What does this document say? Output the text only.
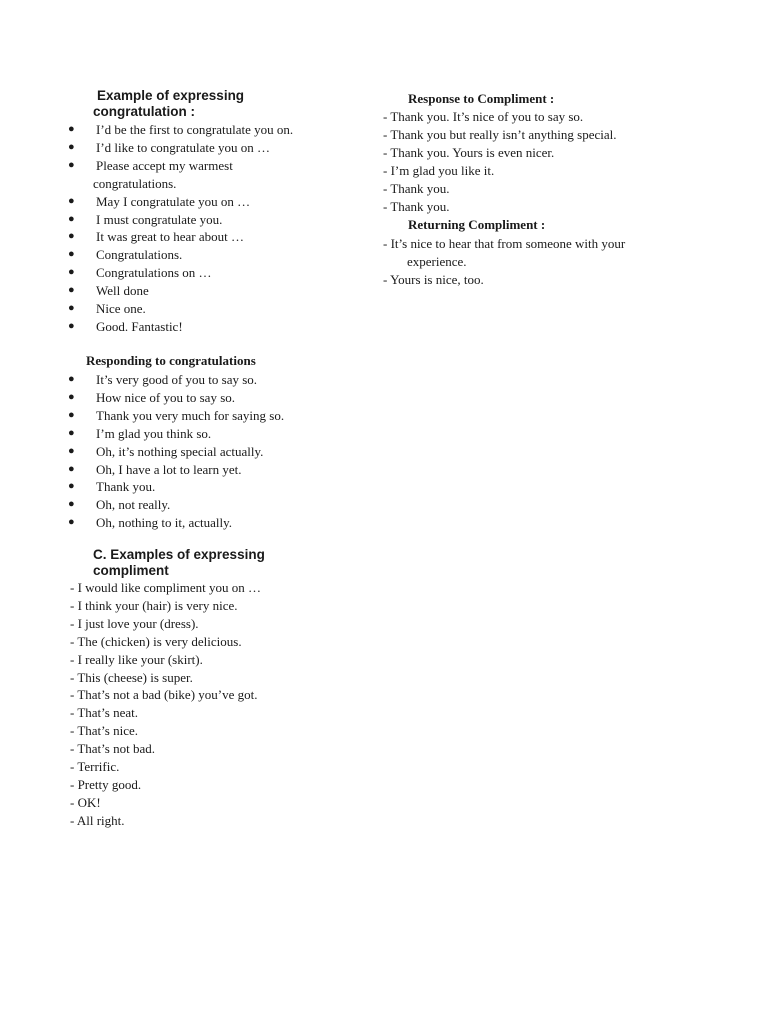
Example of expressing
congratulation :
● I’d be the first to congratulate you on.
● I’d like to congratulate you on …
● Please accept my warmest
congratulations.
● May I congratulate you on …
● I must congratulate you.
● It was great to hear about …
● Congratulations.
● Congratulations on …
● Well done
● Nice one.
● Good. Fantastic!
Responding to congratulations
● It’s very good of you to say so.
● How nice of you to say so.
● Thank you very much for saying so.
● I’m glad you think so.
● Oh, it’s nothing special actually.
● Oh, I have a lot to learn yet.
● Thank you.
● Oh, not really.
● Oh, nothing to it, actually.
C. Examples of expressing
compliment
- I would like compliment you on …
- I think your (hair) is very nice.
- I just love your (dress).
- The (chicken) is very delicious.
- I really like your (skirt).
- This (cheese) is super.
- That’s not a bad (bike) you’ve got.
- That’s neat.
- That’s nice.
- That’s not bad.
- Terrific.
- Pretty good.
- OK!
- All right.
Response to Compliment :
- Thank you. It’s nice of you to say so.
- Thank you but really isn’t anything special.
- Thank you. Yours is even nicer.
- I’m glad you like it.
- Thank you.
- Thank you.
Returning Compliment :
- It’s nice to hear that from someone with your
experience.
- Yours is nice, too.
